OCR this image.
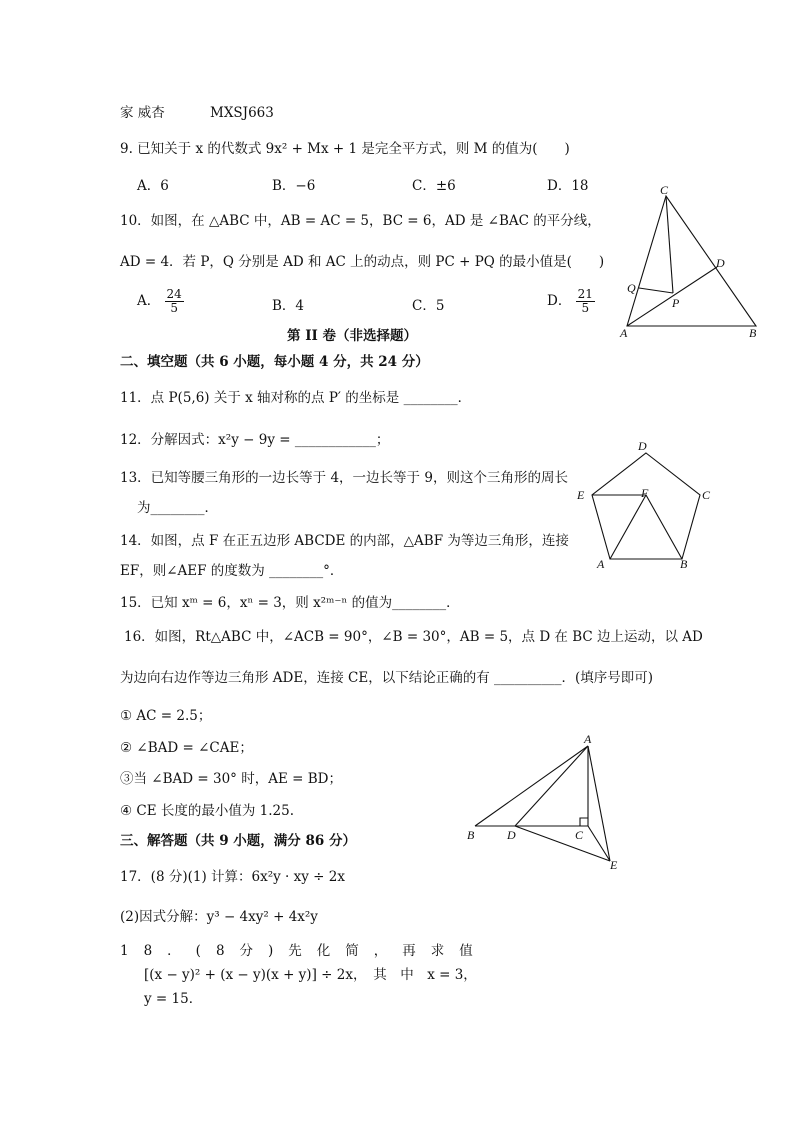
家 威杏	MXSJ663
9. 已知关于 x 的代数式 9x² + Mx + 1 是完全平方式，则 M 的值为(　　)
A．6	B．−6	C．±6	D．18
10．如图，在 △ABC 中，AB = AC = 5，BC = 6，AD 是 ∠BAC 的平分线，
AD = 4．若 P，Q 分别是 AD 和 AC 上的动点，则 PC + PQ 的最小值是(　　)
A． $\frac{24}{5}$	B．4	C．5	D． $\frac{21}{5}$
C
D
Q
P
A	B
第 II 卷（非选择题）
二、填空题（共 6 小题，每小题 4 分，共 24 分）
11．点 P(5,6) 关于 x 轴对称的点 P′ 的坐标是 ________．
12．分解因式：x²y − 9y = ____________；
13．已知等腰三角形的一边长等于 4，一边长等于 9，则这个三角形的周长
为________．
14．如图，点 F 在正五边形 ABCDE 的内部，△ABF 为等边三角形，连接
EF，则∠AEF 的度数为 ________°．
15．已知 xᵐ = 6，xⁿ = 3，则 x²ᵐ⁻ⁿ 的值为________．
D
E	F	C
A	B
16．如图，Rt△ABC 中，∠ACB = 90°，∠B = 30°，AB = 5，点 D 在 BC 边上运动，以 AD
为边向右边作等边三角形 ADE，连接 CE，以下结论正确的有 __________．(填序号即可)
① AC = 2.5；
② ∠BAD = ∠CAE；
③当 ∠BAD = 30° 时，AE = BD；
④ CE 长度的最小值为 1.25.
A
B	D	C
E
三、解答题（共 9 小题，满分 86 分）
17．(8 分)(1) 计算：6x²y · xy ÷ 2x
(2)因式分解：y³ − 4xy² + 4x²y
18．(8分)先化简，再求值
[(x − y)² + (x − y)(x + y)] ÷ 2x，　其　中　x = 3，
y = 15．
